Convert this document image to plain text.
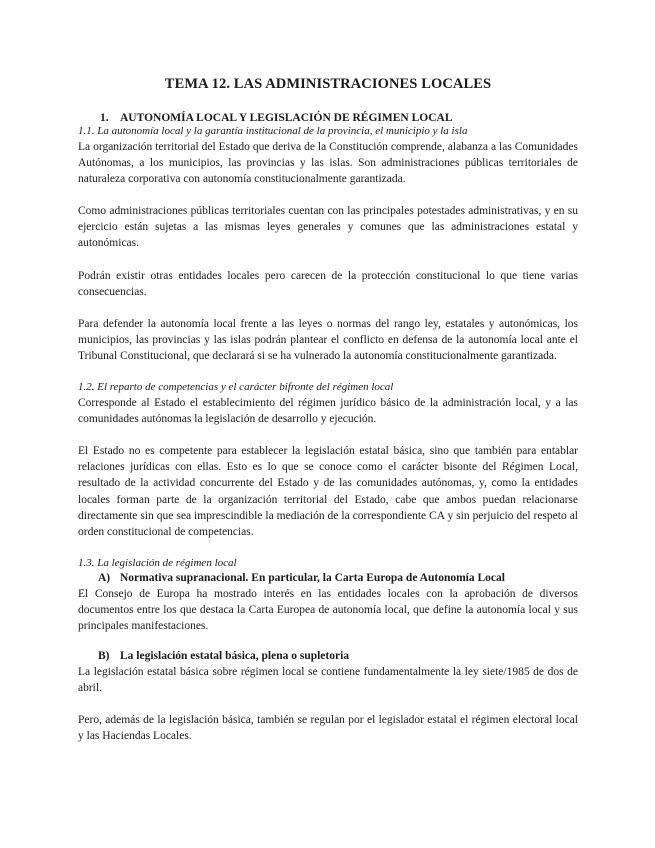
TEMA 12. LAS ADMINISTRACIONES LOCALES
1. AUTONOMÍA LOCAL Y LEGISLACIÓN DE RÉGIMEN LOCAL
1.1. La autonomía local y la garantía institucional de la provincia, el municipio y la isla

La organización territorial del Estado que deriva de la Constitución comprende, alabanza a las Comunidades Autónomas, a los municipios, las provincias y las islas. Son administraciones públicas territoriales de naturaleza corporativa con autonomía constitucionalmente garantizada.

Como administraciones públicas territoriales cuentan con las principales potestades administrativas, y en su ejercicio están sujetas a las mismas leyes generales y comunes que las administraciones estatal y autonómicas.

Podrán existir otras entidades locales pero carecen de la protección constitucional lo que tiene varias consecuencias.

Para defender la autonomía local frente a las leyes o normas del rango ley, estatales y autonómicas, los municipios, las provincias y las islas podrán plantear el conflicto en defensa de la autonomía local ante el Tribunal Constitucional, que declarará si se ha vulnerado la autonomía constitucionalmente garantizada.

1.2. El reparto de competencias y el carácter bifronte del régimen local

Corresponde al Estado el establecimiento del régimen jurídico básico de la administración local, y a las comunidades autónomas la legislación de desarrollo y ejecución.

El Estado no es competente para establecer la legislación estatal básica, sino que también para entablar relaciones jurídicas con ellas. Esto es lo que se conoce como el carácter bisonte del Régimen Local, resultado de la actividad concurrente del Estado y de las comunidades autónomas, y, como la entidades locales forman parte de la organización territorial del Estado, cabe que ambos puedan relacionarse directamente sin que sea imprescindible la mediación de la correspondiente CA y sin perjuicio del respeto al orden constitucional de competencias.

1.3. La legislación de régimen local
A) Normativa supranacional. En particular, la Carta Europa de Autonomía Local

El Consejo de Europa ha mostrado interés en las entidades locales con la aprobación de diversos documentos entre los que destaca la Carta Europea de autonomía local, que define la autonomía local y sus principales manifestaciones.

B) La legislación estatal básica, plena o supletoria

La legislación estatal básica sobre régimen local se contiene fundamentalmente la ley siete/1985 de dos de abril.

Pero, además de la legislación básica, también se regulan por el legislador estatal el régimen electoral local y las Haciendas Locales.
